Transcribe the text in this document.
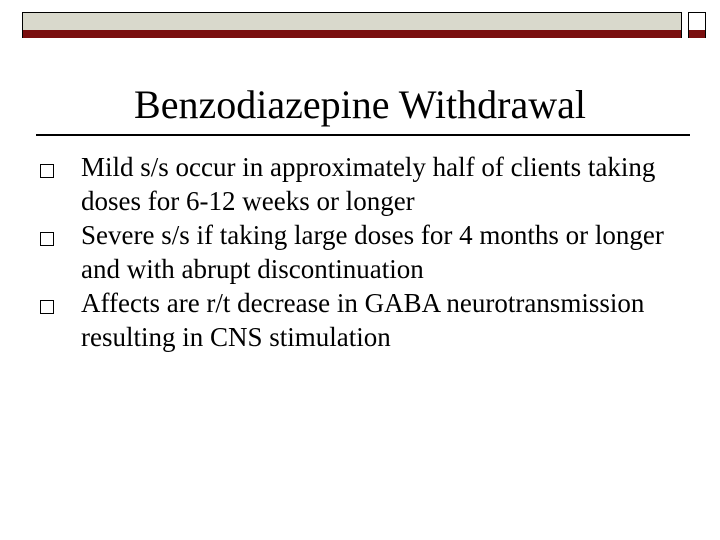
Benzodiazepine Withdrawal
Mild s/s occur in approximately half of clients taking doses for 6-12 weeks or longer
Severe s/s if taking large doses for 4 months or longer and with abrupt discontinuation
Affects are r/t decrease in GABA neurotransmission resulting in CNS stimulation
